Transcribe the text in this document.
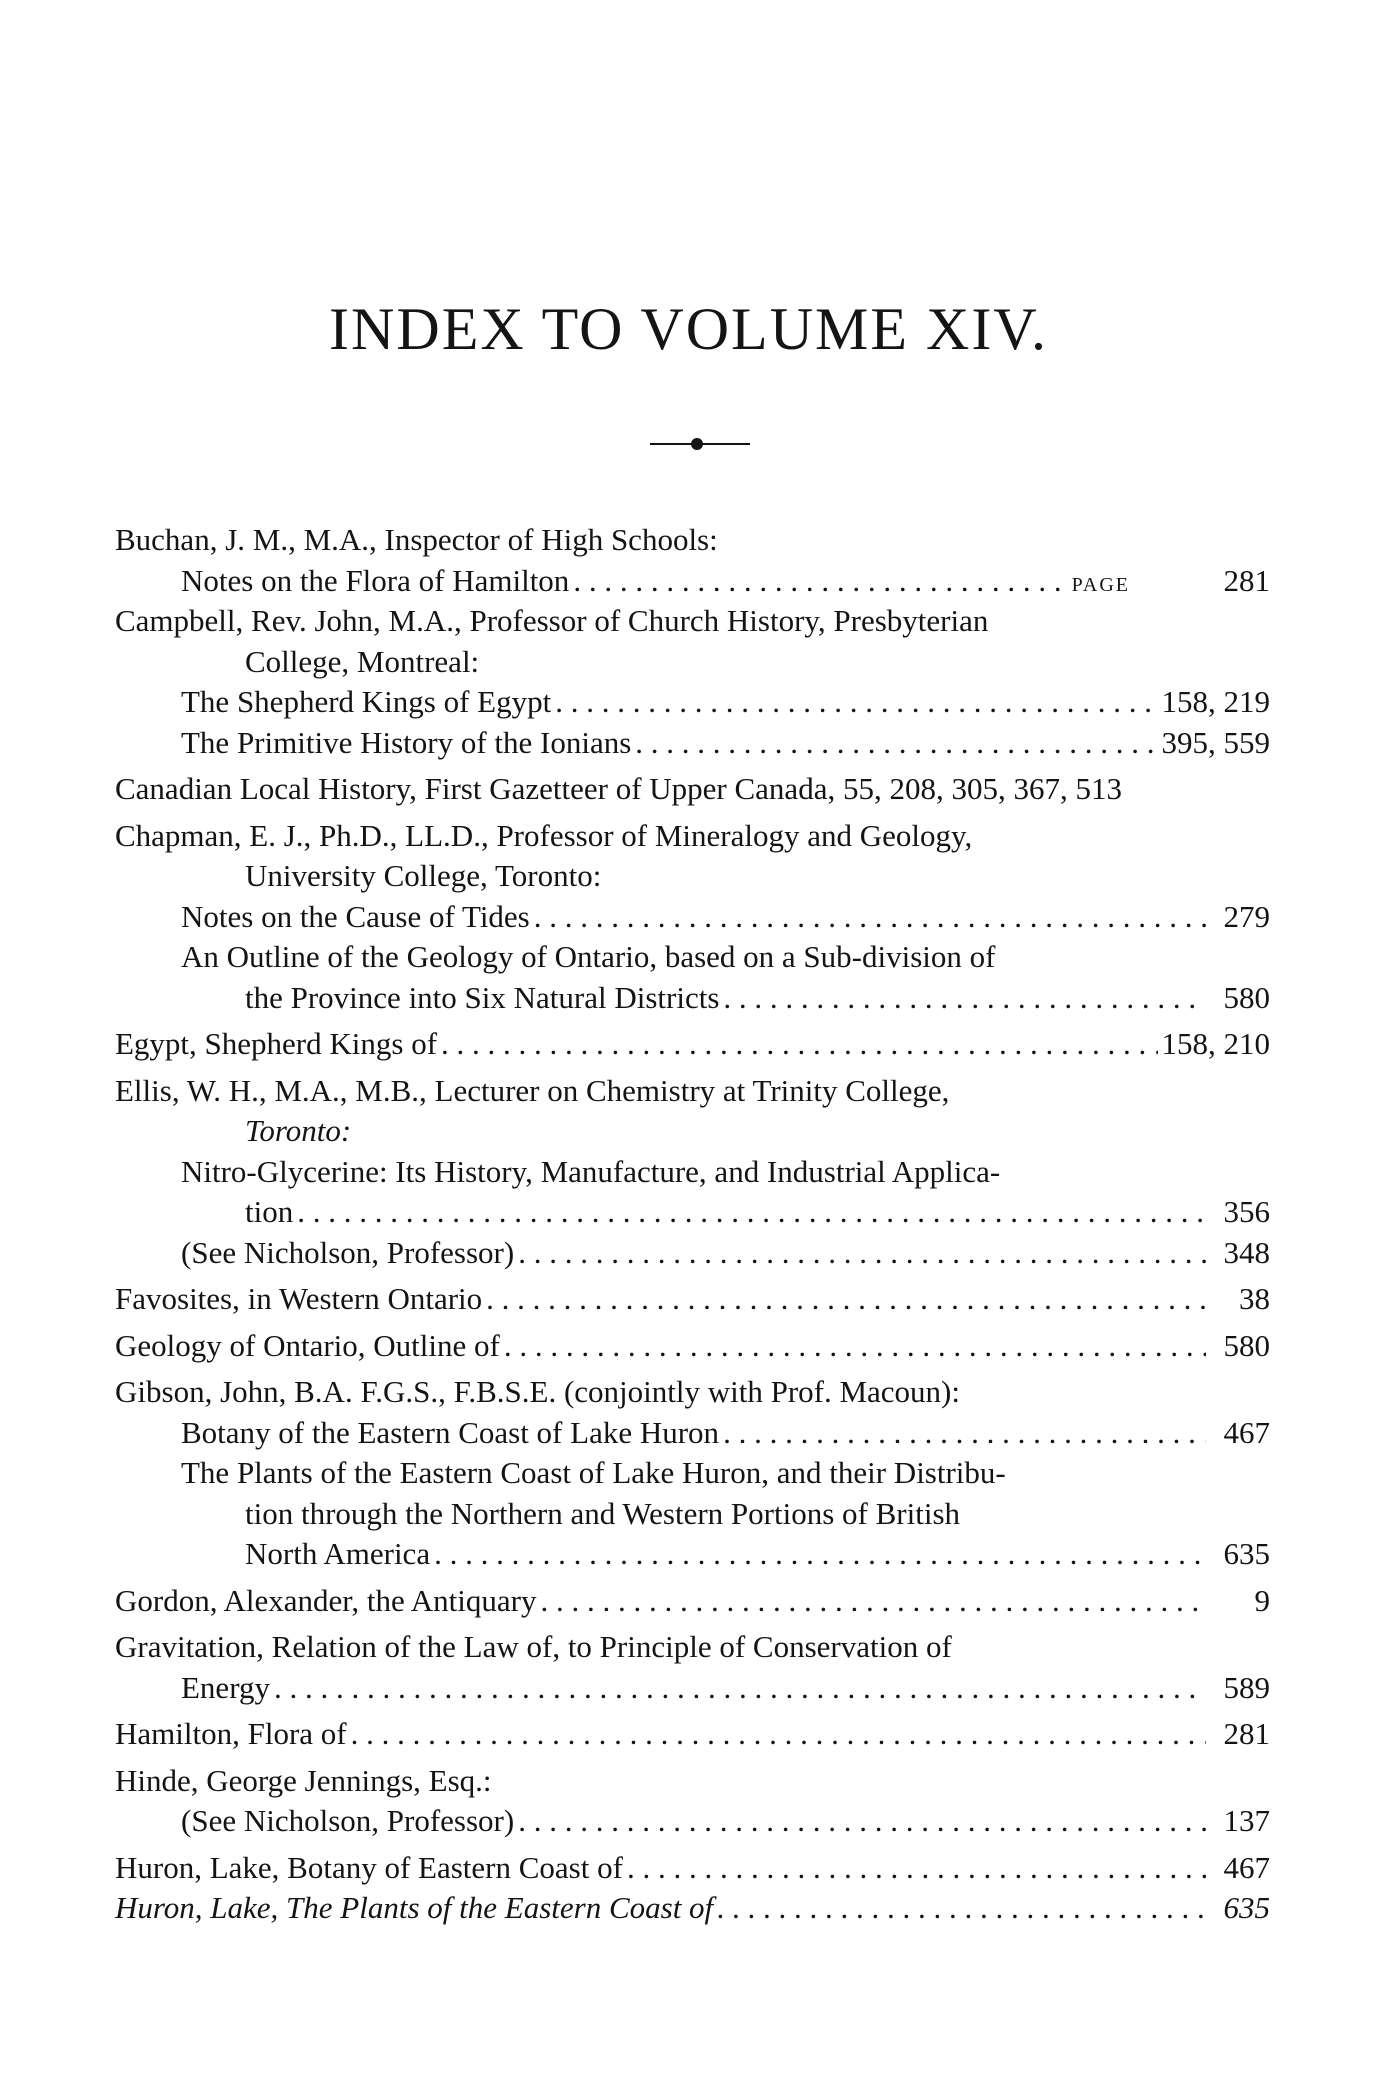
INDEX TO VOLUME XIV.
Buchan, J. M., M.A., Inspector of High Schools:
Notes on the Flora of Hamilton . . .	PAGE	281
Campbell, Rev. John, M.A., Professor of Church History, Presbyterian
College, Montreal:
The Shepherd Kings of Egypt . . .	158, 219
The Primitive History of the Ionians . . .	395, 559
Canadian Local History, First Gazetteer of Upper Canada, 55, 208, 305, 367, 513
Chapman, E. J., Ph.D., LL.D., Professor of Mineralogy and Geology,
University College, Toronto:
Notes on the Cause of Tides . . .	279
An Outline of the Geology of Ontario, based on a Sub-division of
the Province into Six Natural Districts . . .	580
Egypt, Shepherd Kings of . . .	158, 210
Ellis, W. H., M.A., M.B., Lecturer on Chemistry at Trinity College,
Toronto:
Nitro-Glycerine: Its History, Manufacture, and Industrial Applica-
tion . . .	356
(See Nicholson, Professor) . . .	348
Favosites, in Western Ontario . . .	38
Geology of Ontario, Outline of . . .	580
Gibson, John, B.A. F.G.S., F.B.S.E. (conjointly with Prof. Macoun):
Botany of the Eastern Coast of Lake Huron . . .	467
The Plants of the Eastern Coast of Lake Huron, and their Distribu-
tion through the Northern and Western Portions of British
North America . . .	635
Gordon, Alexander, the Antiquary . . .	9
Gravitation, Relation of the Law of, to Principle of Conservation of
Energy . . .	589
Hamilton, Flora of . . .	281
Hinde, George Jennings, Esq.:
(See Nicholson, Professor) . . .	137
Huron, Lake, Botany of Eastern Coast of . . .	467
Huron, Lake, The Plants of the Eastern Coast of . . .	635
